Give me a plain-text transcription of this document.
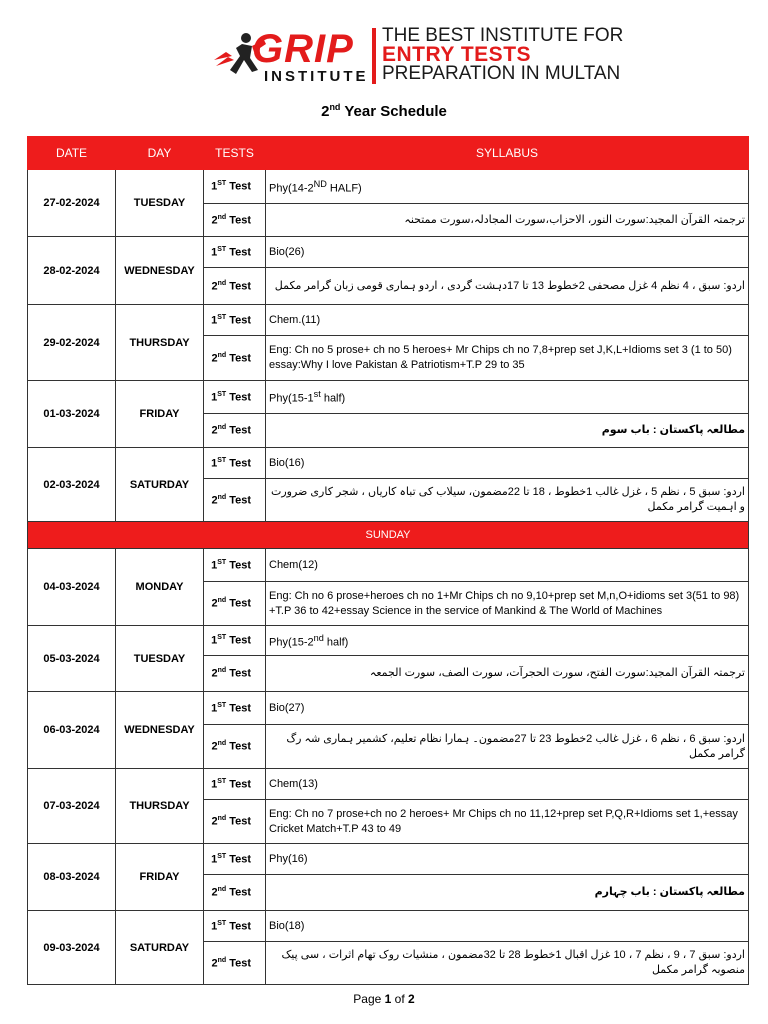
GRIP
INSTITUTE
THE BEST INSTITUTE FOR
ENTRY TESTS
PREPARATION IN MULTAN
2nd Year Schedule
DATE	DAY	TESTS	SYLLABUS
27-02-2024	TUESDAY	1ST Test	Phy(14-2ND HALF)
		2nd Test	ترجمتہ القرآن المجید:سورت النور، الاحزاب،سورت المجادلہ،سورت ممتحنہ
28-02-2024	WEDNESDAY	1ST Test	Bio(26)
		2nd Test	اردو: سبق ، 4 نظم 4 غزل مصحفی 2خطوط 13 تا 17دہشت گردی ، اردو ہماری قومی زبان گرامر مکمل
29-02-2024	THURSDAY	1ST Test	Chem.(11)
		2nd Test	Eng: Ch no 5 prose+ ch no 5 heroes+ Mr Chips ch no 7,8+prep set J,K,L+Idioms set 3 (1 to 50) essay:Why I love Pakistan & Patriotism+T.P 29 to 35
01-03-2024	FRIDAY	1ST Test	Phy(15-1st half)
		2nd Test	مطالعہ پاکستان : باب سوم
02-03-2024	SATURDAY	1ST Test	Bio(16)
		2nd Test	اردو: سبق 5 ، نظم 5 ، غزل غالب 1خطوط ، 18 تا 22مضمون، سیلاب کی تباہ کاریاں ، شجر کاری ضرورت و اہمیت گرامر مکمل
SUNDAY			
04-03-2024	MONDAY	1ST Test	Chem(12)
		2nd Test	Eng: Ch no 6 prose+heroes ch no 1+Mr Chips ch no 9,10+prep set M,n,O+idioms set 3(51 to 98) +T.P 36 to 42+essay Science in the service of Mankind & The World of Machines
05-03-2024	TUESDAY	1ST Test	Phy(15-2nd half)
		2nd Test	ترجمتہ القرآن المجید:سورت الفتح، سورت الحجرآت، سورت الصف، سورت الجمعہ
06-03-2024	WEDNESDAY	1ST Test	Bio(27)
		2nd Test	اردو: سبق 6 ، نظم 6 ، غزل غالب 2خطوط 23 تا 27مضمون۔ ہمارا نظام تعلیم، کشمیر ہماری شہ رگ گرامر مکمل
07-03-2024	THURSDAY	1ST Test	Chem(13)
		2nd Test	Eng: Ch no 7 prose+ch no 2 heroes+ Mr Chips ch no 11,12+prep set P,Q,R+Idioms set 1,+essay Cricket Match+T.P 43 to 49
08-03-2024	FRIDAY	1ST Test	Phy(16)
		2nd Test	مطالعہ پاکستان : باب چہارم
09-03-2024	SATURDAY	1ST Test	Bio(18)
		2nd Test	اردو: سبق 7 ، 9 ، نظم 7 ، 10 غزل اقبال 1خطوط 28 تا 32مضمون ، منشیات روک تھام اثرات ، سی پیک منصوبہ گرامر مکمل
Page 1 of 2
